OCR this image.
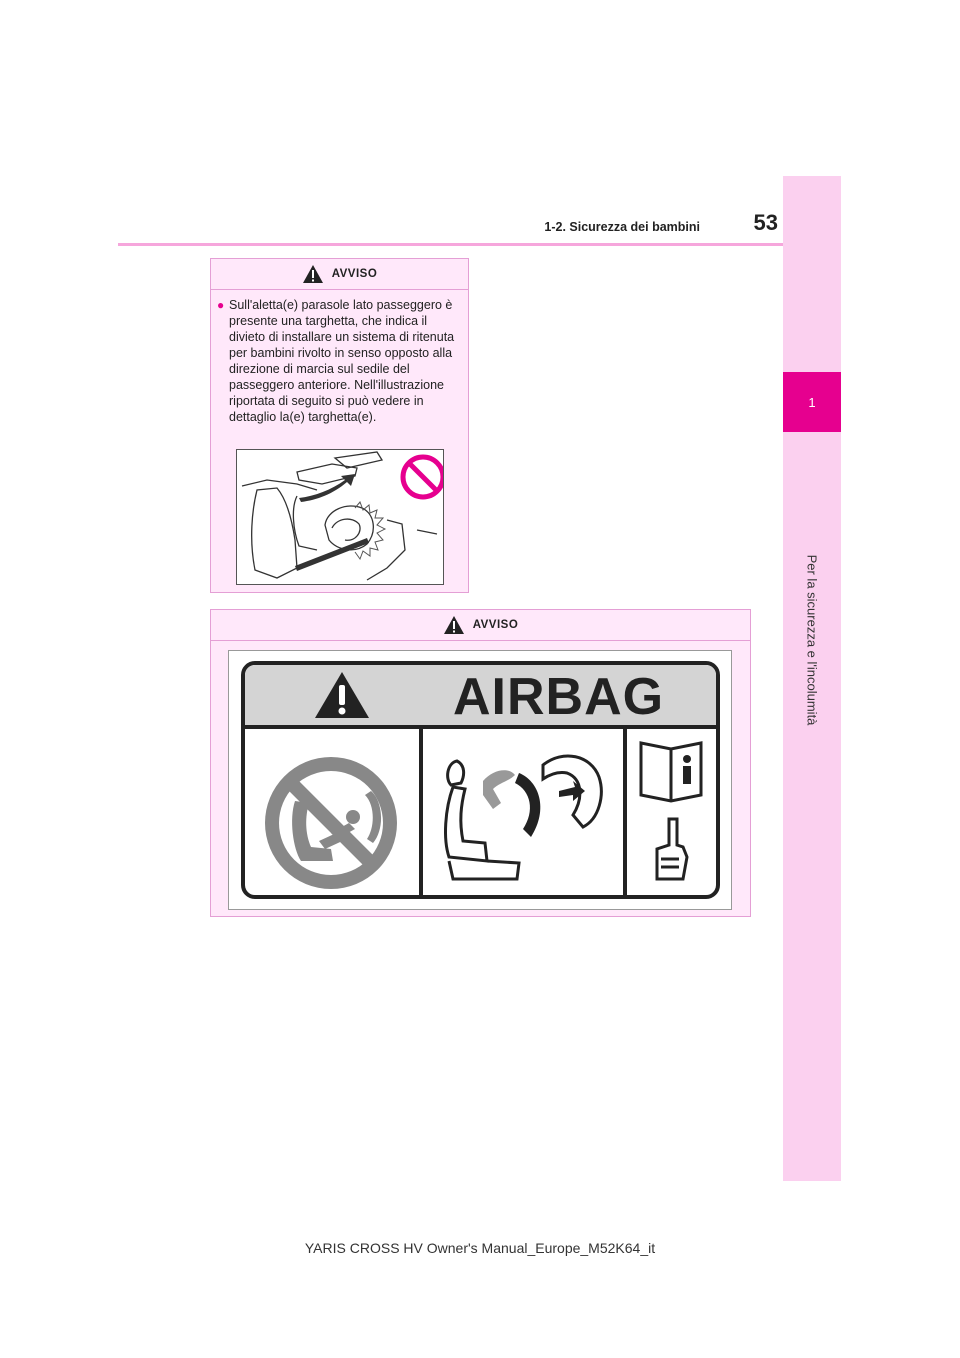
1
Per la sicurezza e l'incolumità
53
1-2. Sicurezza dei bambini
AVVISO
● Sull'aletta(e) parasole lato passeggero è presente una targhetta, che indica il divieto di installare un sistema di ritenuta per bambini rivolto in senso opposto alla direzione di marcia sul sedile del passeggero anteriore. Nell'illustrazione riportata di seguito si può vedere in dettaglio la(e) targhetta(e).
AVVISO
AIRBAG
YARIS CROSS HV Owner's Manual_Europe_M52K64_it
